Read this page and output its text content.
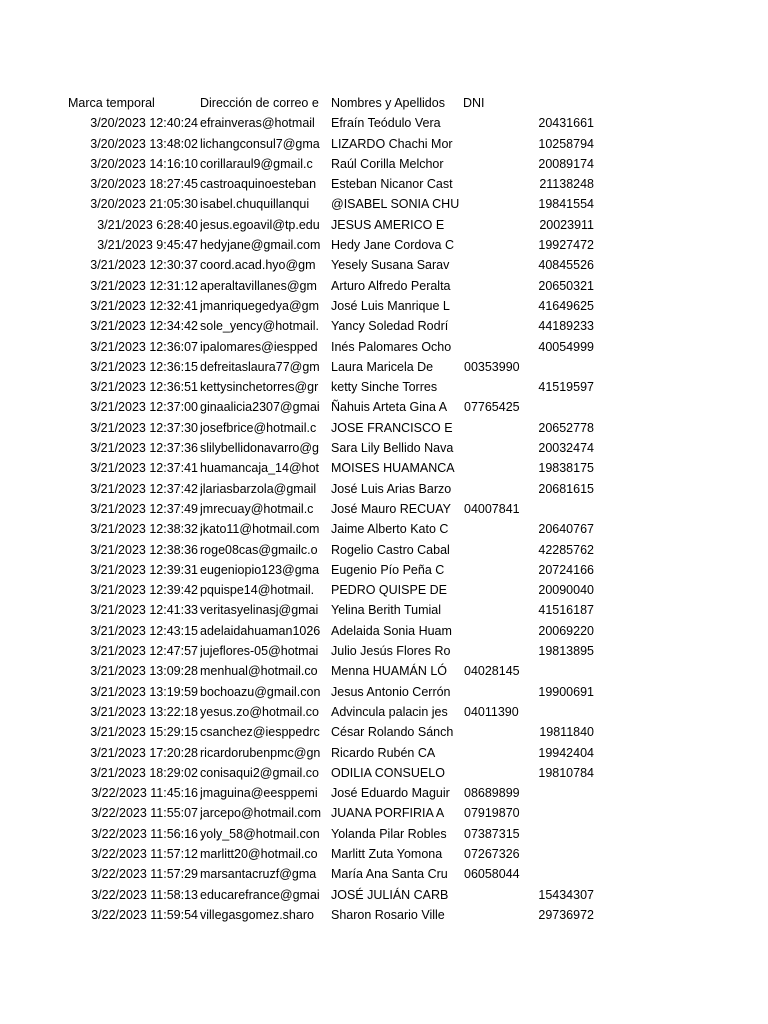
Marca temporal	Dirección de correo e Nombres y Apellidos	DNI
3/20/2023 12:40:24 efrainveras@hotmail	Efraín Teódulo Vera	20431661
3/20/2023 13:48:02 lichangconsul7@gma LIZARDO Chachi Mor	10258794
3/20/2023 14:16:10 corillaraul9@gmail.c	Raúl Corilla Melchor	20089174
3/20/2023 18:27:45 castroaquinoesteban	Esteban Nicanor Cast	21138248
3/20/2023 21:05:30 isabel.chuquillanqui	@ISABEL SONIA CHU	19841554
3/21/2023 6:28:40 jesus.egoavil@tp.edu JESUS AMERICO E	20023911
3/21/2023 9:45:47 hedyjane@gmail.com Hedy Jane Cordova C	19927472
3/21/2023 12:30:37 coord.acad.hyo@gm	Yesely Susana Sarav	40845526
3/21/2023 12:31:12 aperaltavillanes@gm	Arturo Alfredo Peralta	20650321
3/21/2023 12:32:41 jmanriquegedya@gm José Luis Manrique L	41649625
3/21/2023 12:34:42 sole_yency@hotmail. Yancy Soledad Rodrí	44189233
3/21/2023 12:36:07 ipalomares@iespped	Inés Palomares Ocho	40054999
3/21/2023 12:36:15 defreitaslaura77@gm Laura Maricela De	00353990
3/21/2023 12:36:51 kettysinchetorres@gr	ketty Sinche Torres	41519597
3/21/2023 12:37:00 ginaalicia2307@gmai Ñahuis Arteta Gina A	07765425
3/21/2023 12:37:30 josefbrice@hotmail.c	JOSE FRANCISCO E	20652778
3/21/2023 12:37:36 slilybellidonavarro@g Sara Lily Bellido Nava	20032474
3/21/2023 12:37:41 huamancaja_14@hot MOISES HUAMANCA	19838175
3/21/2023 12:37:42 jlariasbarzola@gmail	José Luis Arias Barzo	20681615
3/21/2023 12:37:49 jmrecuay@hotmail.c	José Mauro RECUAY	04007841
3/21/2023 12:38:32 jkato11@hotmail.com Jaime Alberto Kato C	20640767
3/21/2023 12:38:36 roge08cas@gmailc.o	Rogelio Castro Cabal	42285762
3/21/2023 12:39:31 eugeniopio123@gma Eugenio Pío Peña C	20724166
3/21/2023 12:39:42 pquispe14@hotmail.	PEDRO QUISPE DE	20090040
3/21/2023 12:41:33 veritasyelinasj@gmai	Yelina Berith Tumial	41516187
3/21/2023 12:43:15 adelaidahuaman1026 Adelaida Sonia Huam	20069220
3/21/2023 12:47:57 jujeflores-05@hotmai	Julio Jesús Flores Ro	19813895
3/21/2023 13:09:28 menhual@hotmail.co	Menna HUAMÁN LÓ	04028145
3/21/2023 13:19:59 bochoazu@gmail.con Jesus Antonio Cerrón	19900691
3/21/2023 13:22:18 yesus.zo@hotmail.co Advincula palacin jes	04011390
3/21/2023 15:29:15 csanchez@iesppedrc César Rolando Sánch	19811840
3/21/2023 17:20:28 ricardorubenpmc@gn Ricardo Rubén CA	19942404
3/21/2023 18:29:02 conisaqui2@gmail.co ODILIA CONSUELO	19810784
3/22/2023 11:45:16 jmaguina@eesppemi	José Eduardo Maguir	08689899
3/22/2023 11:55:07 jarcepo@hotmail.com JUANA PORFIRIA A	07919870
3/22/2023 11:56:16 yoly_58@hotmail.con Yolanda Pilar Robles	07387315
3/22/2023 11:57:12 marlitt20@hotmail.co	Marlitt Zuta Yomona	07267326
3/22/2023 11:57:29 marsantacruzf@gma	María Ana Santa Cru	06058044
3/22/2023 11:58:13 educarefrance@gmai JOSÉ JULIÁN CARB	15434307
3/22/2023 11:59:54 villegasgomez.sharo	Sharon Rosario Ville	29736972
